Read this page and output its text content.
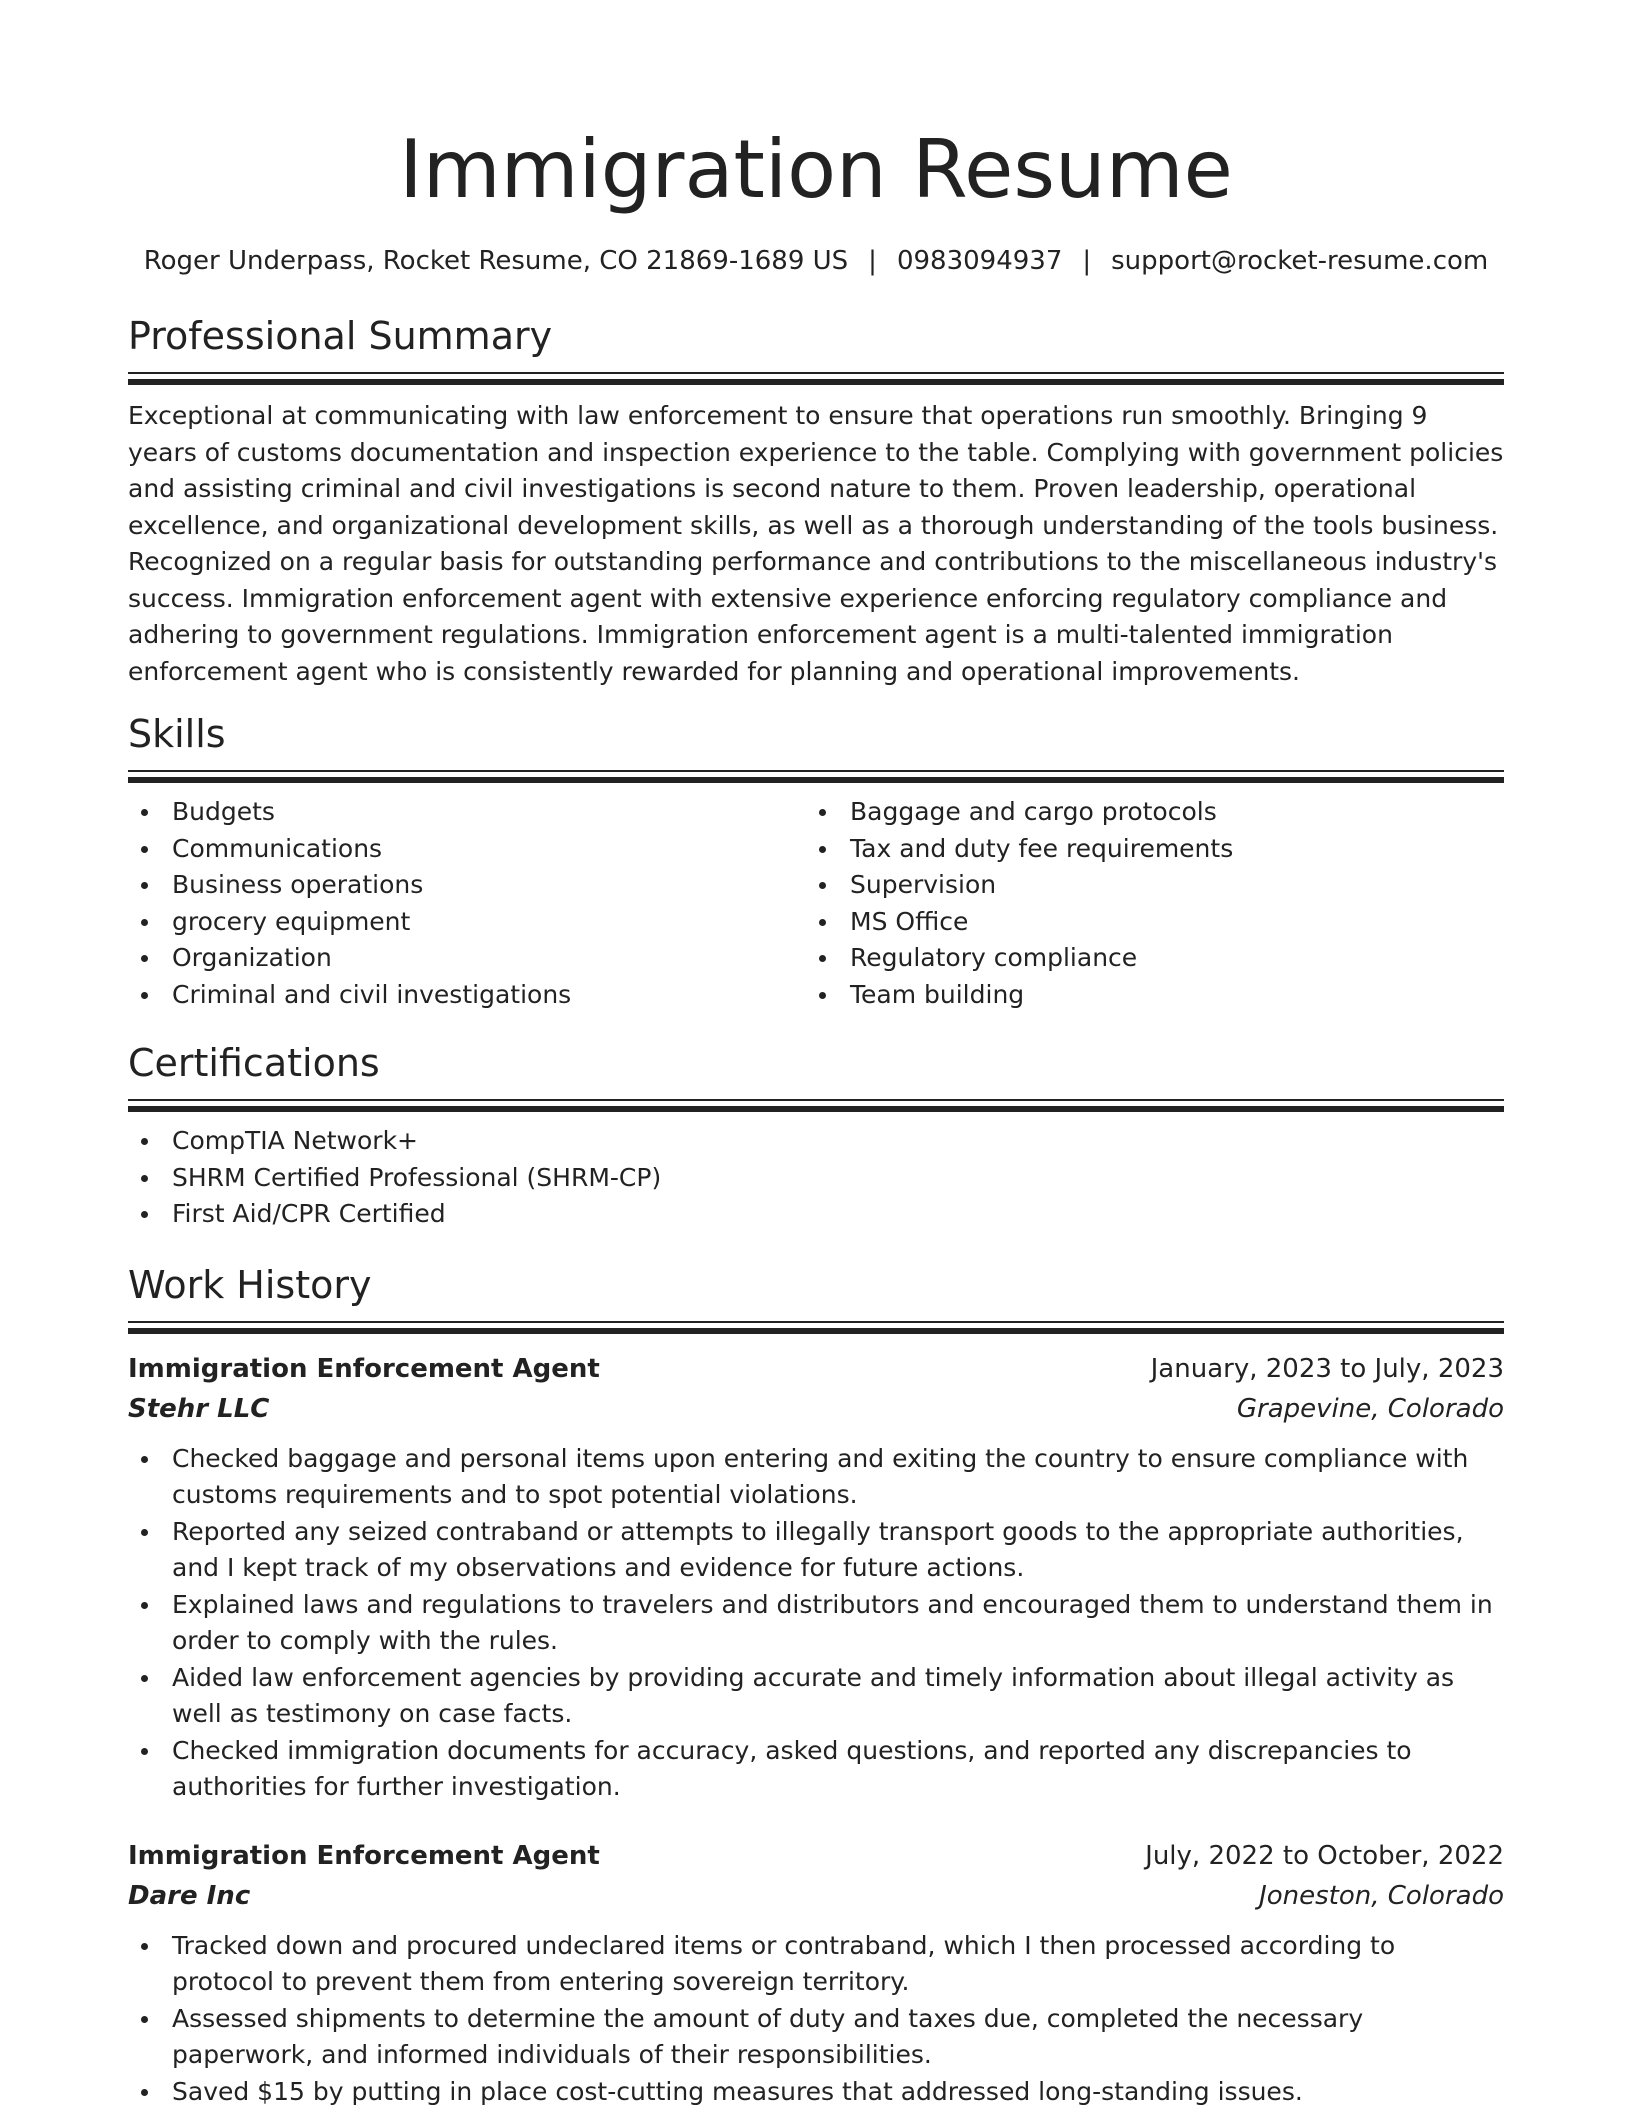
Immigration Resume
Roger Underpass, Rocket Resume, CO 21869-1689 US | 0983094937 | support@rocket-resume.com
Professional Summary

Exceptional at communicating with law enforcement to ensure that operations run smoothly. Bringing 9 years of customs documentation and inspection experience to the table. Complying with government policies and assisting criminal and civil investigations is second nature to them. Proven leadership, operational excellence, and organizational development skills, as well as a thorough understanding of the tools business. Recognized on a regular basis for outstanding performance and contributions to the miscellaneous industry's success. Immigration enforcement agent with extensive experience enforcing regulatory compliance and adhering to government regulations. Immigration enforcement agent is a multi-talented immigration enforcement agent who is consistently rewarded for planning and operational improvements.

Skills
Budgets
Communications
Business operations
grocery equipment
Organization
Criminal and civil investigations
Baggage and cargo protocols
Tax and duty fee requirements
Supervision
MS Office
Regulatory compliance
Team building
Certifications
CompTIA Network+
SHRM Certified Professional (SHRM-CP)
First Aid/CPR Certified
Work History
Immigration Enforcement Agent	January, 2023 to July, 2023
Stehr LLC	Grapevine, Colorado
Checked baggage and personal items upon entering and exiting the country to ensure compliance with customs requirements and to spot potential violations.
Reported any seized contraband or attempts to illegally transport goods to the appropriate authorities, and I kept track of my observations and evidence for future actions.
Explained laws and regulations to travelers and distributors and encouraged them to understand them in order to comply with the rules.
Aided law enforcement agencies by providing accurate and timely information about illegal activity as well as testimony on case facts.
Checked immigration documents for accuracy, asked questions, and reported any discrepancies to authorities for further investigation.
Immigration Enforcement Agent	July, 2022 to October, 2022
Dare Inc	Joneston, Colorado
Tracked down and procured undeclared items or contraband, which I then processed according to protocol to prevent them from entering sovereign territory.
Assessed shipments to determine the amount of duty and taxes due, completed the necessary paperwork, and informed individuals of their responsibilities.
Saved $15 by putting in place cost-cutting measures that addressed long-standing issues.
